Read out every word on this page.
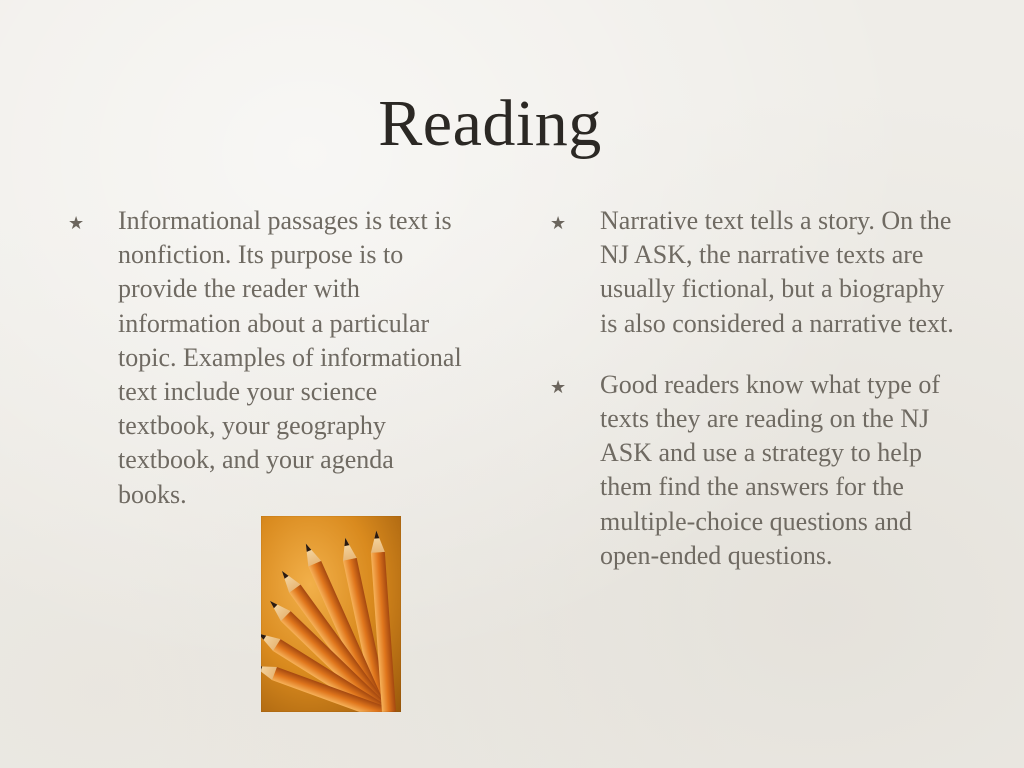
Reading

★ Informational passages is text is nonfiction. Its purpose is to provide the reader with information about a particular topic. Examples of informational text include your science textbook, your geography textbook, and your agenda books.

★ Narrative text tells a story. On the NJ ASK, the narrative texts are usually fictional, but a biography is also considered a narrative text.

★ Good readers know what type of texts they are reading on the NJ ASK and use a strategy to help them find the answers for the multiple-choice questions and open-ended questions.
